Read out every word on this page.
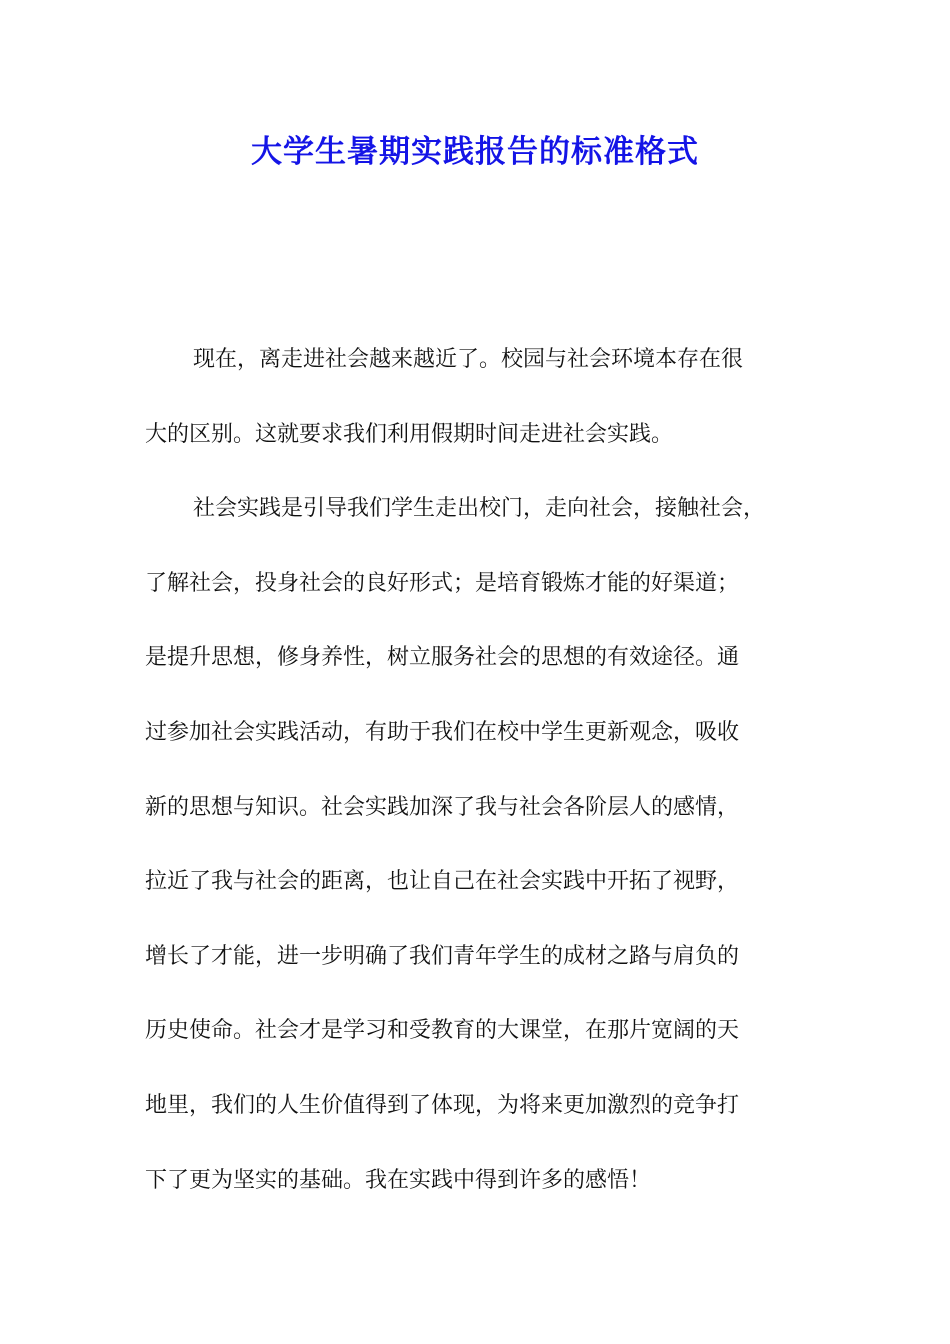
大学生暑期实践报告的标准格式

现在，离走进社会越来越近了。校园与社会环境本存在很

大的区别。这就要求我们利用假期时间走进社会实践。

社会实践是引导我们学生走出校门，走向社会，接触社会，

了解社会，投身社会的良好形式；是培育锻炼才能的好渠道；

是提升思想，修身养性，树立服务社会的思想的有效途径。通

过参加社会实践活动，有助于我们在校中学生更新观念，吸收

新的思想与知识。社会实践加深了我与社会各阶层人的感情，

拉近了我与社会的距离，也让自己在社会实践中开拓了视野，

增长了才能，进一步明确了我们青年学生的成材之路与肩负的

历史使命。社会才是学习和受教育的大课堂，在那片宽阔的天

地里，我们的人生价值得到了体现，为将来更加激烈的竞争打

下了更为坚实的基础。我在实践中得到许多的感悟！
